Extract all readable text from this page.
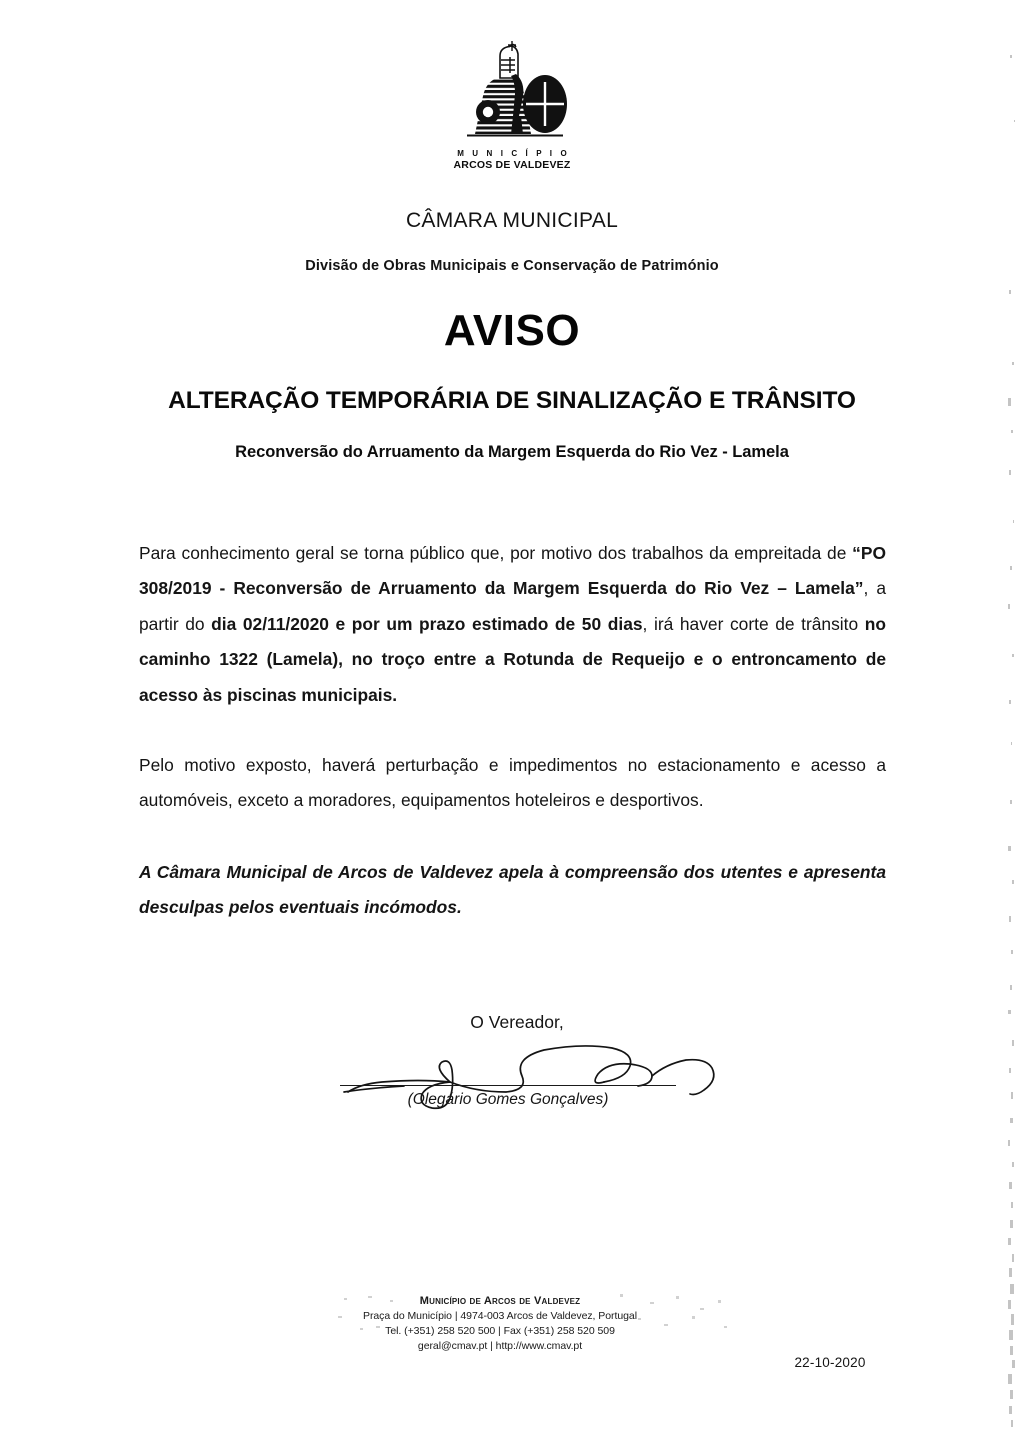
M U N I C Í P I O
ARCOS DE VALDEVEZ
CÂMARA MUNICIPAL
Divisão de Obras Municipais e Conservação de Património
AVISO
ALTERAÇÃO TEMPORÁRIA DE SINALIZAÇÃO E TRÂNSITO
Reconversão do Arruamento da Margem Esquerda do Rio Vez - Lamela
Para conhecimento geral se torna público que, por motivo dos trabalhos da empreitada de “PO 308/2019 - Reconversão de Arruamento da Margem Esquerda do Rio Vez – Lamela”, a partir do dia 02/11/2020 e por um prazo estimado de 50 dias, irá haver corte de trânsito no caminho 1322 (Lamela), no troço entre a Rotunda de Requeijo e o entroncamento de acesso às piscinas municipais.
Pelo motivo exposto, haverá perturbação e impedimentos no estacionamento e acesso a automóveis, exceto a moradores, equipamentos hoteleiros e desportivos.
A Câmara Municipal de Arcos de Valdevez apela à compreensão dos utentes e apresenta desculpas pelos eventuais incómodos.
O Vereador,
(Olegário Gomes Gonçalves)
Município de Arcos de Valdevez
Praça do Município | 4974-003 Arcos de Valdevez, Portugal
Tel. (+351) 258 520 500 | Fax (+351) 258 520 509
geral@cmav.pt | http://www.cmav.pt
22-10-2020
